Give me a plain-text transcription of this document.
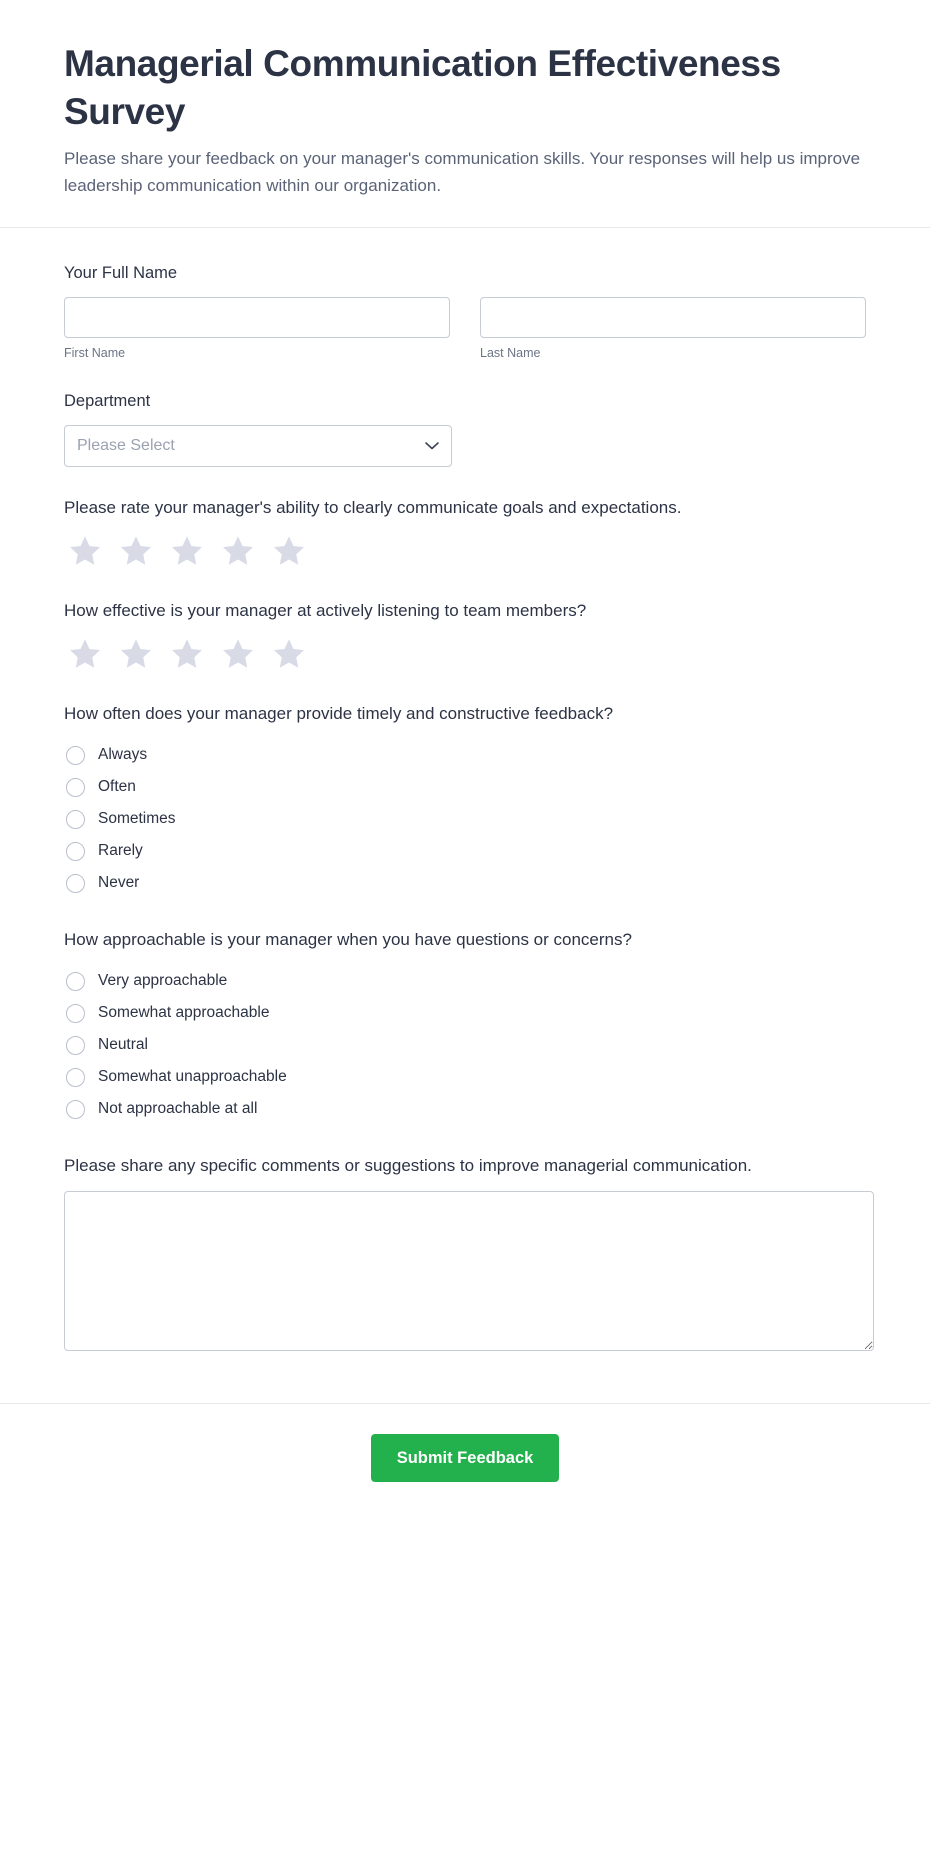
Managerial Communication Effectiveness Survey

Please share your feedback on your manager's communication skills. Your responses will help us improve leadership communication within our organization.

Your Full Name
First Name	Last Name
Department
Please Select
Please rate your manager's ability to clearly communicate goals and expectations.
How effective is your manager at actively listening to team members?
How often does your manager provide timely and constructive feedback?
Always
Often
Sometimes
Rarely
Never
How approachable is your manager when you have questions or concerns?
Very approachable
Somewhat approachable
Neutral
Somewhat unapproachable
Not approachable at all
Please share any specific comments or suggestions to improve managerial communication.
Submit Feedback
